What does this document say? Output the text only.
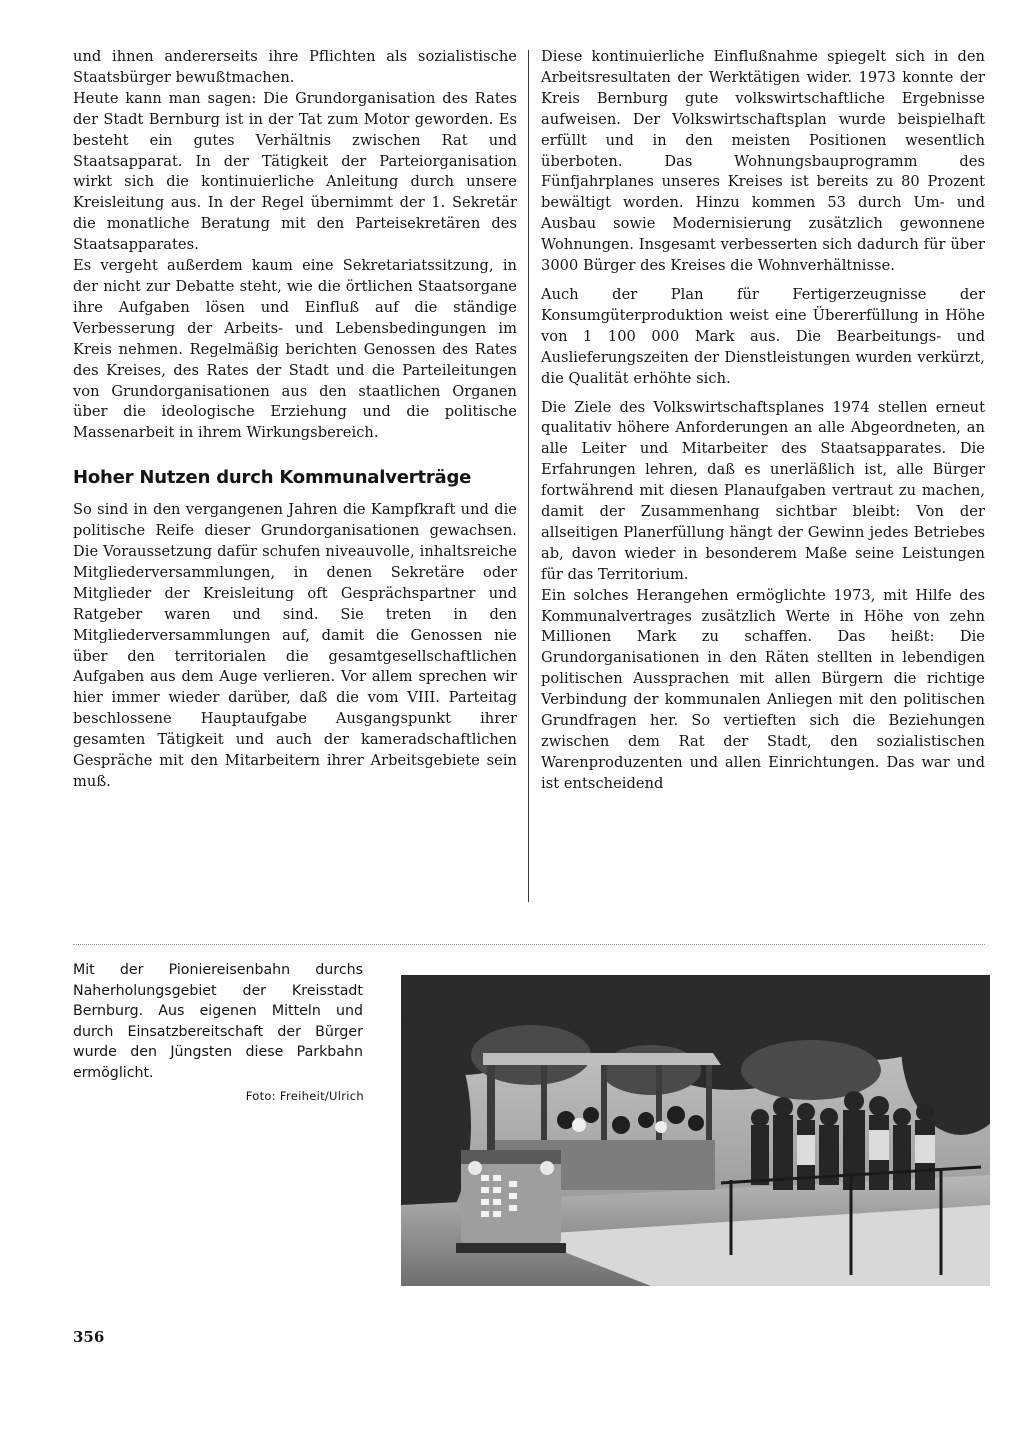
und ihnen andererseits ihre Pflichten als sozialistische Staatsbürger bewußtmachen.

Heute kann man sagen: Die Grundorganisation des Rates der Stadt Bernburg ist in der Tat zum Motor geworden. Es besteht ein gutes Verhältnis zwischen Rat und Staatsapparat. In der Tätigkeit der Parteiorganisation wirkt sich die kontinuierliche Anleitung durch unsere Kreisleitung aus. In der Regel übernimmt der 1. Sekretär die monatliche Beratung mit den Parteisekretären des Staatsapparates.

Es vergeht außerdem kaum eine Sekretariatssitzung, in der nicht zur Debatte steht, wie die örtlichen Staatsorgane ihre Aufgaben lösen und Einfluß auf die ständige Verbesserung der Arbeits- und Lebensbedingungen im Kreis nehmen. Regelmäßig berichten Genossen des Rates des Kreises, des Rates der Stadt und die Parteileitungen von Grundorganisationen aus den staatlichen Organen über die ideologische Erziehung und die politische Massenarbeit in ihrem Wirkungsbereich.

Hoher Nutzen durch Kommunalverträge

So sind in den vergangenen Jahren die Kampfkraft und die politische Reife dieser Grundorganisationen gewachsen. Die Voraussetzung dafür schufen niveauvolle, inhaltsreiche Mitgliederversammlungen, in denen Sekretäre oder Mitglieder der Kreisleitung oft Gesprächspartner und Ratgeber waren und sind. Sie treten in den Mitgliederversammlungen auf, damit die Genossen nie über den territorialen die gesamtgesellschaftlichen Aufgaben aus dem Auge verlieren. Vor allem sprechen wir hier immer wieder darüber, daß die vom VIII. Parteitag beschlossene Hauptaufgabe Ausgangspunkt ihrer gesamten Tätigkeit und auch der kameradschaftlichen Gespräche mit den Mitarbeitern ihrer Arbeitsgebiete sein muß.

Diese kontinuierliche Einflußnahme spiegelt sich in den Arbeitsresultaten der Werktätigen wider. 1973 konnte der Kreis Bernburg gute volkswirtschaftliche Ergebnisse aufweisen. Der Volkswirtschaftsplan wurde beispielhaft erfüllt und in den meisten Positionen wesentlich überboten. Das Wohnungsbauprogramm des Fünfjahrplanes unseres Kreises ist bereits zu 80 Prozent bewältigt worden. Hinzu kommen 53 durch Um- und Ausbau sowie Modernisierung zusätzlich gewonnene Wohnungen. Insgesamt verbesserten sich dadurch für über 3000 Bürger des Kreises die Wohnverhältnisse.

Auch der Plan für Fertigerzeugnisse der Konsumgüterproduktion weist eine Übererfüllung in Höhe von 1 100 000 Mark aus. Die Bearbeitungs- und Auslieferungszeiten der Dienstleistungen wurden verkürzt, die Qualität erhöhte sich.

Die Ziele des Volkswirtschaftsplanes 1974 stellen erneut qualitativ höhere Anforderungen an alle Abgeordneten, an alle Leiter und Mitarbeiter des Staatsapparates. Die Erfahrungen lehren, daß es unerläßlich ist, alle Bürger fortwährend mit diesen Planaufgaben vertraut zu machen, damit der Zusammenhang sichtbar bleibt: Von der allseitigen Planerfüllung hängt der Gewinn jedes Betriebes ab, davon wieder in besonderem Maße seine Leistungen für das Territorium.

Ein solches Herangehen ermöglichte 1973, mit Hilfe des Kommunalvertrages zusätzlich Werte in Höhe von zehn Millionen Mark zu schaffen. Das heißt: Die Grundorganisationen in den Räten stellten in lebendigen politischen Aussprachen mit allen Bürgern die richtige Verbindung der kommunalen Anliegen mit den politischen Grundfragen her. So vertieften sich die Beziehungen zwischen dem Rat der Stadt, den sozialistischen Warenproduzenten und allen Einrichtungen. Das war und ist entscheidend

Mit der Pioniereisenbahn durchs Naherholungsgebiet der Kreisstadt Bernburg. Aus eigenen Mitteln und durch Einsatzbereitschaft der Bürger wurde den Jüngsten diese Parkbahn ermöglicht.
Foto: Freiheit/Ulrich
356
